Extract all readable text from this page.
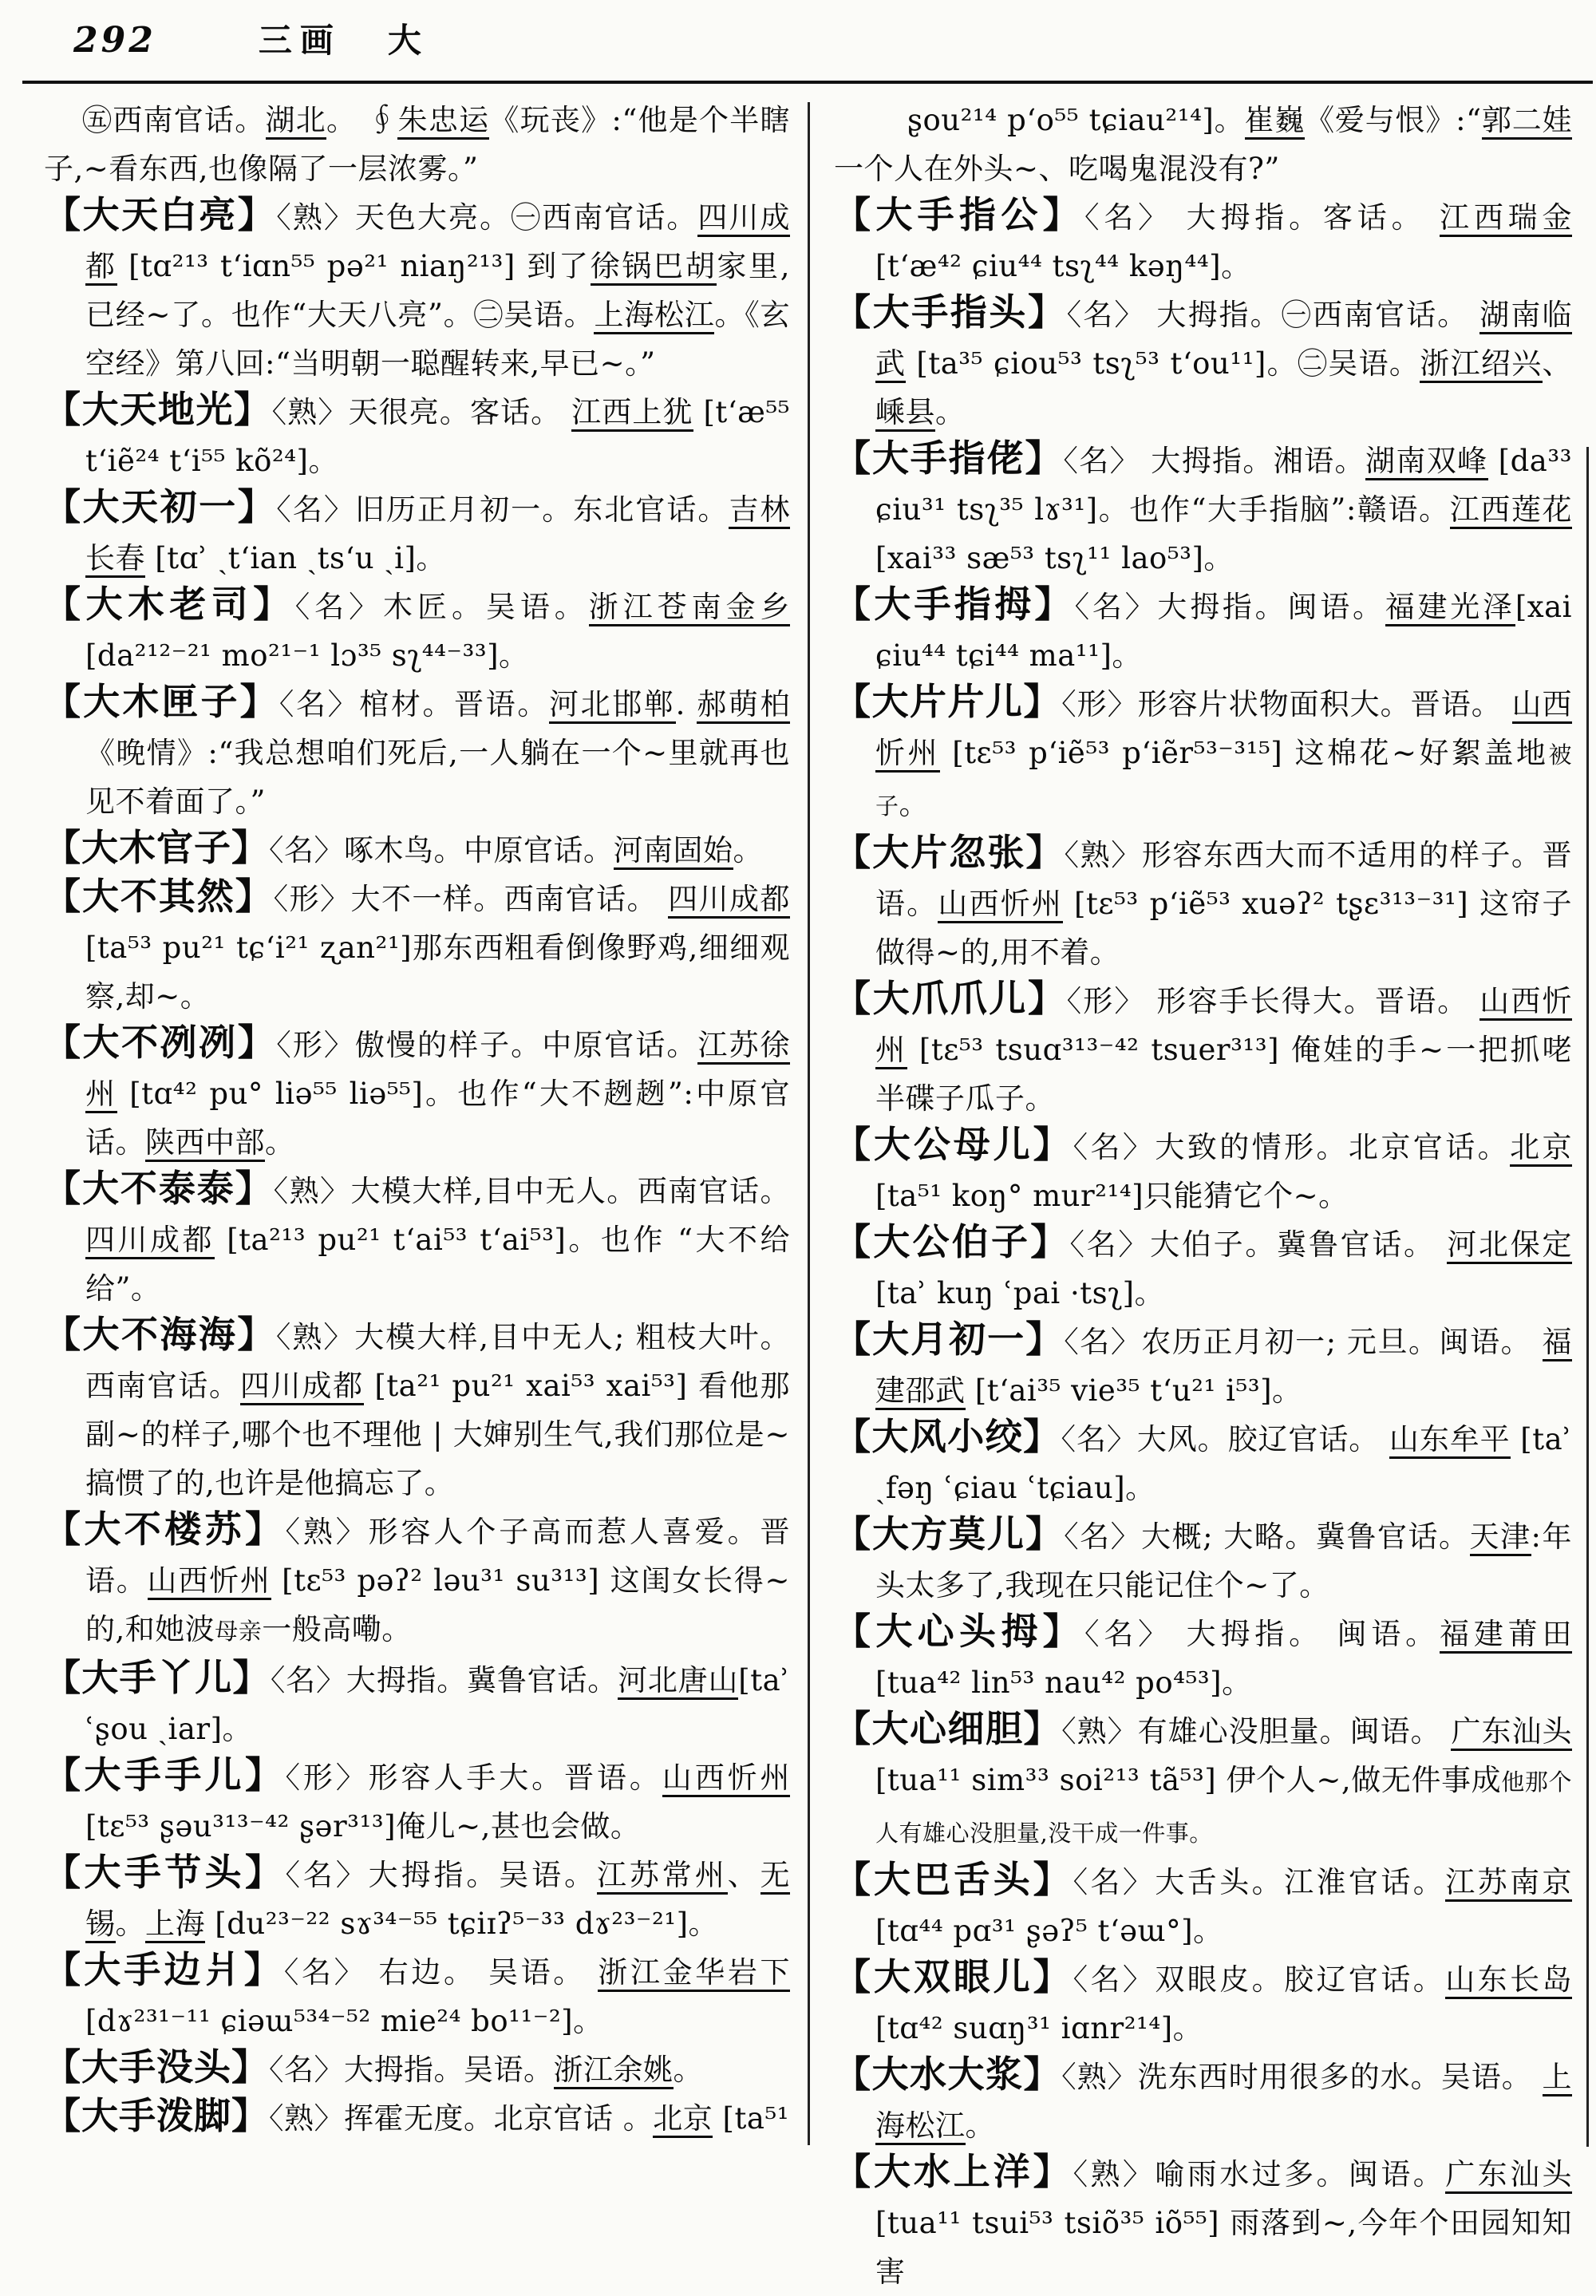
292	三画 大

㊄西南官话。湖北。 ∮朱忠运《玩丧》:“他是个半瞎子,~看东西,也像隔了一层浓雾。”

【大天白亮】〈熟〉天色大亮。㊀西南官话。四川成都 [tɑ²¹³ tʻiɑn⁵⁵ pə²¹ niaŋ²¹³] 到了徐锅巴胡家里,已经~了。也作“大天八亮”。㊁吴语。上海松江。《玄空经》第八回:“当明朝一聪醒转来,早已~。”

【大天地光】〈熟〉天很亮。客话。 江西上犹 [tʻæ⁵⁵ tʻiẽ²⁴ tʻi⁵⁵ kõ²⁴]。

【大天初一】〈名〉旧历正月初一。东北官话。吉林长春 [tɑʾ ˎtʻian ˎtsʻu ˎi]。

【大木老司】〈名〉木匠。吴语。浙江苍南金乡[da²¹²⁻²¹ mo²¹⁻¹ lɔ³⁵ sʅ⁴⁴⁻³³]。

【大木匣子】〈名〉棺材。晋语。河北邯郸. 郝萌柏《晚情》:“我总想咱们死后,一人躺在一个~里就再也见不着面了。”

【大木官子】〈名〉啄木鸟。中原官话。河南固始。

【大不其然】〈形〉大不一样。西南官话。 四川成都 [ta⁵³ pu²¹ tɕʻi²¹ ʐan²¹]那东西粗看倒像野鸡,细细观察,却~。

【大不冽冽】〈形〉傲慢的样子。中原官话。江苏徐州 [tɑ⁴² pu° liə⁵⁵ liə⁵⁵]。也作“大不趔趔”:中原官话。陕西中部。

【大不泰泰】〈熟〉大模大样,目中无人。西南官话。四川成都 [ta²¹³ pu²¹ tʻai⁵³ tʻai⁵³]。也作 “大不给给”。

【大不海海】〈熟〉大模大样,目中无人; 粗枝大叶。西南官话。四川成都 [ta²¹ pu²¹ xai⁵³ xai⁵³] 看他那副~的样子,哪个也不理他 | 大婶别生气,我们那位是~搞惯了的,也许是他搞忘了。

【大不楼苏】〈熟〉形容人个子高而惹人喜爱。晋语。山西忻州 [tɛ⁵³ pəʔ² ləu³¹ su³¹³] 这闺女长得~的,和她波母亲一般高嘞。

【大手丫儿】〈名〉大拇指。冀鲁官话。河北唐山[taʾ ʿʂou ˎiar]。

【大手手儿】〈形〉形容人手大。晋语。山西忻州 [tɛ⁵³ ʂəu³¹³⁻⁴² ʂər³¹³]俺儿~,甚也会做。

【大手节头】〈名〉大拇指。吴语。江苏常州、无锡。上海 [du²³⁻²² sɤ³⁴⁻⁵⁵ tɕiɪʔ⁵⁻³³ dɤ²³⁻²¹]。

【大手边爿】〈名〉 右边。 吴语。 浙江金华岩下 [dɤ²³¹⁻¹¹ ɕiəɯ⁵³⁴⁻⁵² mie²⁴ bo¹¹⁻²]。

【大手没头】〈名〉大拇指。吴语。浙江余姚。

【大手泼脚】〈熟〉挥霍无度。北京官话 。北京 [ta⁵¹

ʂou²¹⁴ pʻo⁵⁵ tɕiau²¹⁴]。崔巍《爱与恨》:“郭二娃一个人在外头~、吃喝鬼混没有?”

【大手指公】〈名〉 大拇指。客话。 江西瑞金 [tʻæ⁴² ɕiu⁴⁴ tsʅ⁴⁴ kəŋ⁴⁴]。

【大手指头】〈名〉 大拇指。㊀西南官话。 湖南临武 [ta³⁵ ɕiou⁵³ tsʅ⁵³ tʻou¹¹]。㊁吴语。浙江绍兴、嵊县。

【大手指佬】〈名〉 大拇指。湘语。湖南双峰 [da³³ ɕiu³¹ tsʅ³⁵ lɤ³¹]。也作“大手指脑”:赣语。江西莲花 [xai³³ sæ⁵³ tsʅ¹¹ lao⁵³]。

【大手指拇】〈名〉大拇指。闽语。福建光泽[xai ɕiu⁴⁴ tɕi⁴⁴ ma¹¹]。

【大片片儿】〈形〉形容片状物面积大。晋语。 山西忻州 [tɛ⁵³ pʻiẽ⁵³ pʻiẽr⁵³⁻³¹⁵] 这棉花~好絮盖地被子。

【大片忽张】〈熟〉形容东西大而不适用的样子。晋语。山西忻州 [tɛ⁵³ pʻiẽ⁵³ xuəʔ² tʂɛ³¹³⁻³¹] 这帘子做得~的,用不着。

【大爪爪儿】〈形〉 形容手长得大。晋语。 山西忻州 [tɛ⁵³ tsuɑ³¹³⁻⁴² tsuer³¹³] 俺娃的手~一把抓咾半碟子瓜子。

【大公母儿】〈名〉大致的情形。北京官话。北京 [ta⁵¹ koŋ° mur²¹⁴]只能猜它个~。

【大公伯子】〈名〉大伯子。冀鲁官话。 河北保定[taʾ kuŋ ʿpai ·tsʅ]。

【大月初一】〈名〉农历正月初一; 元旦。闽语。 福建邵武 [tʻai³⁵ vie³⁵ tʻu²¹ i⁵³]。

【大风小绞】〈名〉大风。胶辽官话。 山东牟平 [taʾ ˎfəŋ ʿɕiau ʿtɕiau]。

【大方莫儿】〈名〉大概; 大略。冀鲁官话。天津:年头太多了,我现在只能记住个~了。

【大心头拇】〈名〉 大拇指。 闽语。福建莆田 [tua⁴² lin⁵³ nau⁴² po⁴⁵³]。

【大心细胆】〈熟〉有雄心没胆量。闽语。 广东汕头 [tua¹¹ sim³³ soi²¹³ tã⁵³] 伊个人~,做无件事成他那个人有雄心没胆量,没干成一件事。

【大巴舌头】〈名〉大舌头。江淮官话。江苏南京[tɑ⁴⁴ pɑ³¹ ʂəʔ⁵ tʻəɯ°]。

【大双眼儿】〈名〉双眼皮。胶辽官话。山东长岛[tɑ⁴² suɑŋ³¹ iɑnr²¹⁴]。

【大水大浆】〈熟〉洗东西时用很多的水。吴语。 上海松江。

【大水上洋】〈熟〉喻雨水过多。闽语。广东汕头[tua¹¹ tsui⁵³ tsiõ³⁵ iõ⁵⁵] 雨落到~,今年个田园知知害
